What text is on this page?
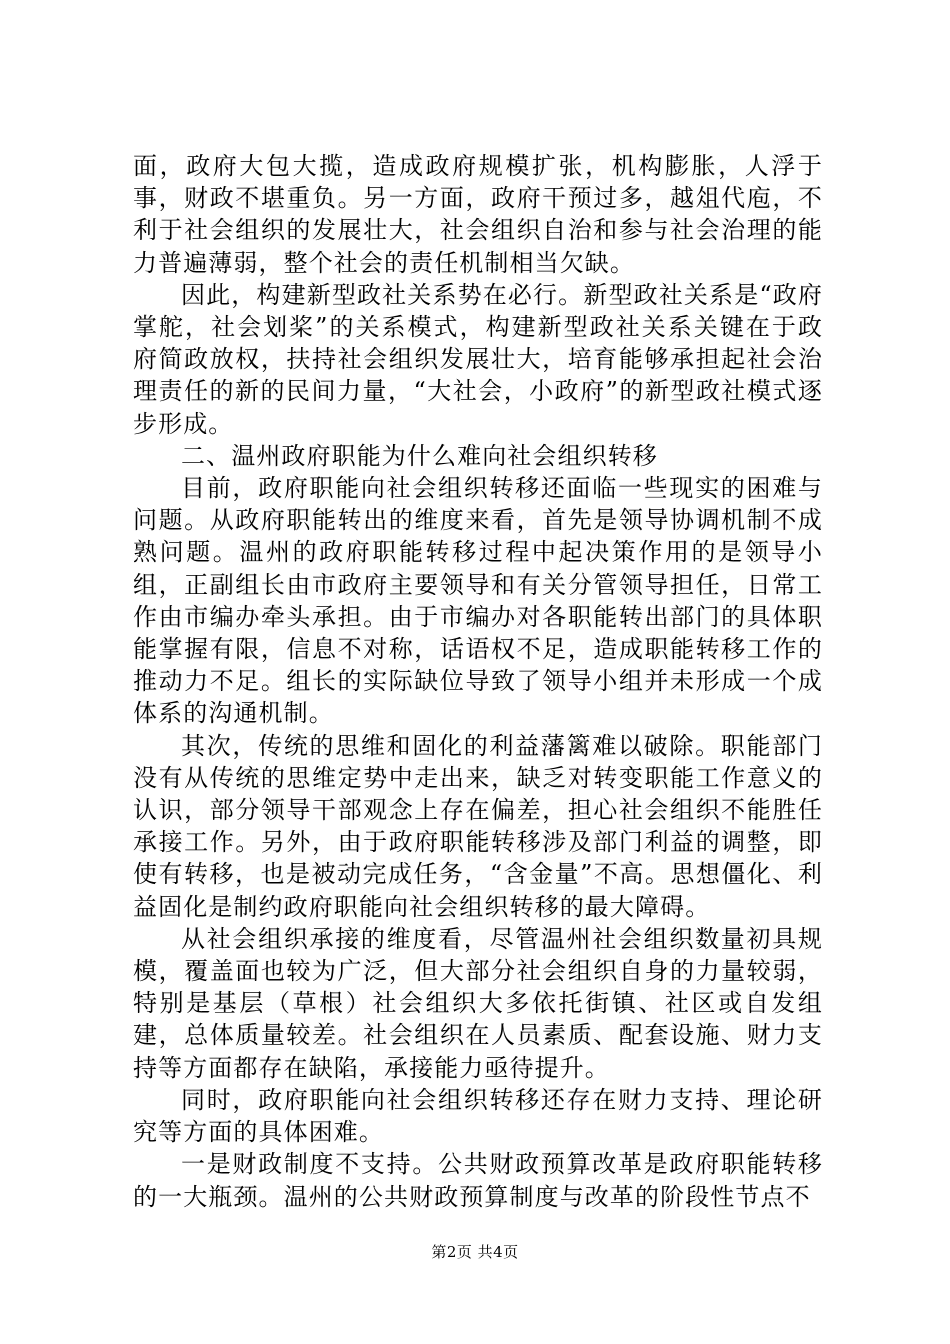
面，政府大包大揽，造成政府规模扩张，机构膨胀，人浮于事，财政不堪重负。另一方面，政府干预过多，越俎代庖，不利于社会组织的发展壮大，社会组织自治和参与社会治理的能力普遍薄弱，整个社会的责任机制相当欠缺。

因此，构建新型政社关系势在必行。新型政社关系是“政府掌舵，社会划桨”的关系模式，构建新型政社关系关键在于政府简政放权，扶持社会组织发展壮大，培育能够承担起社会治理责任的新的民间力量，“大社会，小政府”的新型政社模式逐步形成。

二、温州政府职能为什么难向社会组织转移

目前，政府职能向社会组织转移还面临一些现实的困难与问题。从政府职能转出的维度来看，首先是领导协调机制不成熟问题。温州的政府职能转移过程中起决策作用的是领导小组，正副组长由市政府主要领导和有关分管领导担任，日常工作由市编办牵头承担。由于市编办对各职能转出部门的具体职能掌握有限，信息不对称，话语权不足，造成职能转移工作的推动力不足。组长的实际缺位导致了领导小组并未形成一个成体系的沟通机制。

其次，传统的思维和固化的利益藩篱难以破除。职能部门没有从传统的思维定势中走出来，缺乏对转变职能工作意义的认识，部分领导干部观念上存在偏差，担心社会组织不能胜任承接工作。另外，由于政府职能转移涉及部门利益的调整，即使有转移，也是被动完成任务，“含金量”不高。思想僵化、利益固化是制约政府职能向社会组织转移的最大障碍。

从社会组织承接的维度看，尽管温州社会组织数量初具规模，覆盖面也较为广泛，但大部分社会组织自身的力量较弱，特别是基层（草根）社会组织大多依托街镇、社区或自发组建，总体质量较差。社会组织在人员素质、配套设施、财力支持等方面都存在缺陷，承接能力亟待提升。

同时，政府职能向社会组织转移还存在财力支持、理论研究等方面的具体困难。

一是财政制度不支持。公共财政预算改革是政府职能转移的一大瓶颈。温州的公共财政预算制度与改革的阶段性节点不

第2页 共4页
